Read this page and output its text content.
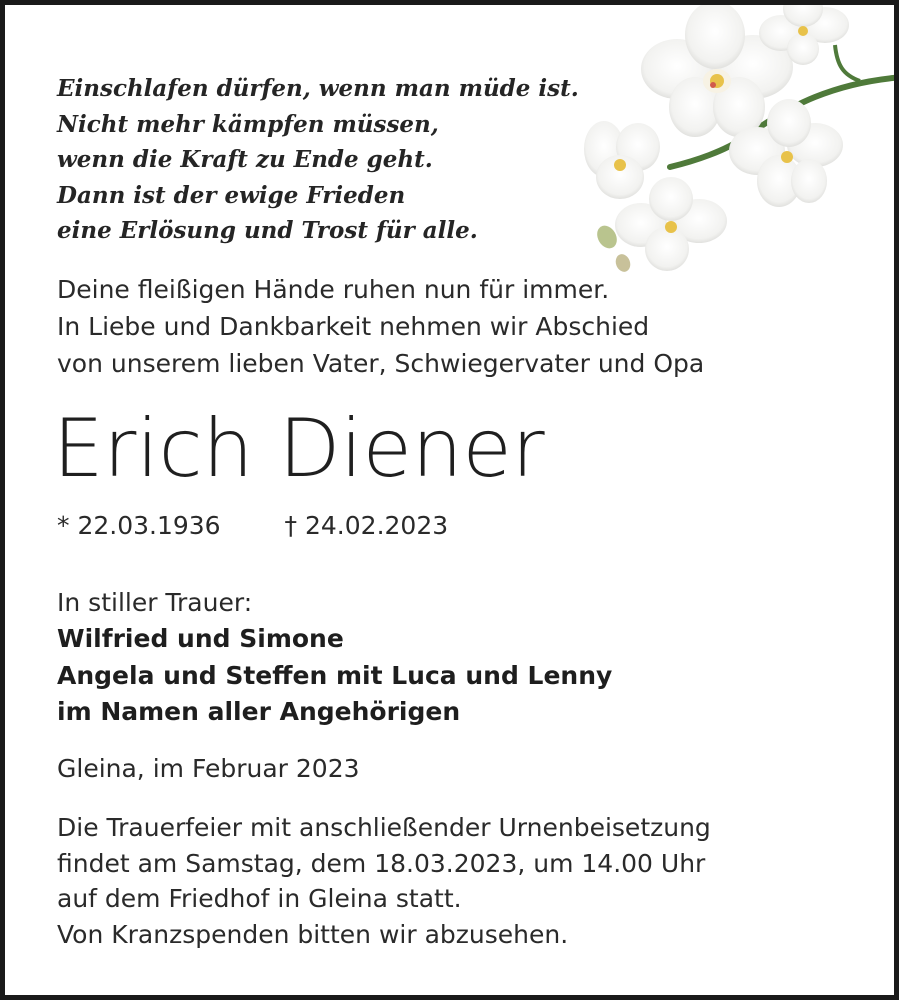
Einschlafen dürfen, wenn man müde ist.
Nicht mehr kämpfen müssen,
wenn die Kraft zu Ende geht.
Dann ist der ewige Frieden
eine Erlösung und Trost für alle.
Deine fleißigen Hände ruhen nun für immer.
In Liebe und Dankbarkeit nehmen wir Abschied
von unserem lieben Vater, Schwiegervater und Opa
Erich Diener
* 22.03.1936	† 24.02.2023
In stiller Trauer:
Wilfried und Simone
Angela und Steffen mit Luca und Lenny
im Namen aller Angehörigen
Gleina, im Februar 2023
Die Trauerfeier mit anschließender Urnenbeisetzung
findet am Samstag, dem 18.03.2023, um 14.00 Uhr
auf dem Friedhof in Gleina statt.
Von Kranzspenden bitten wir abzusehen.
